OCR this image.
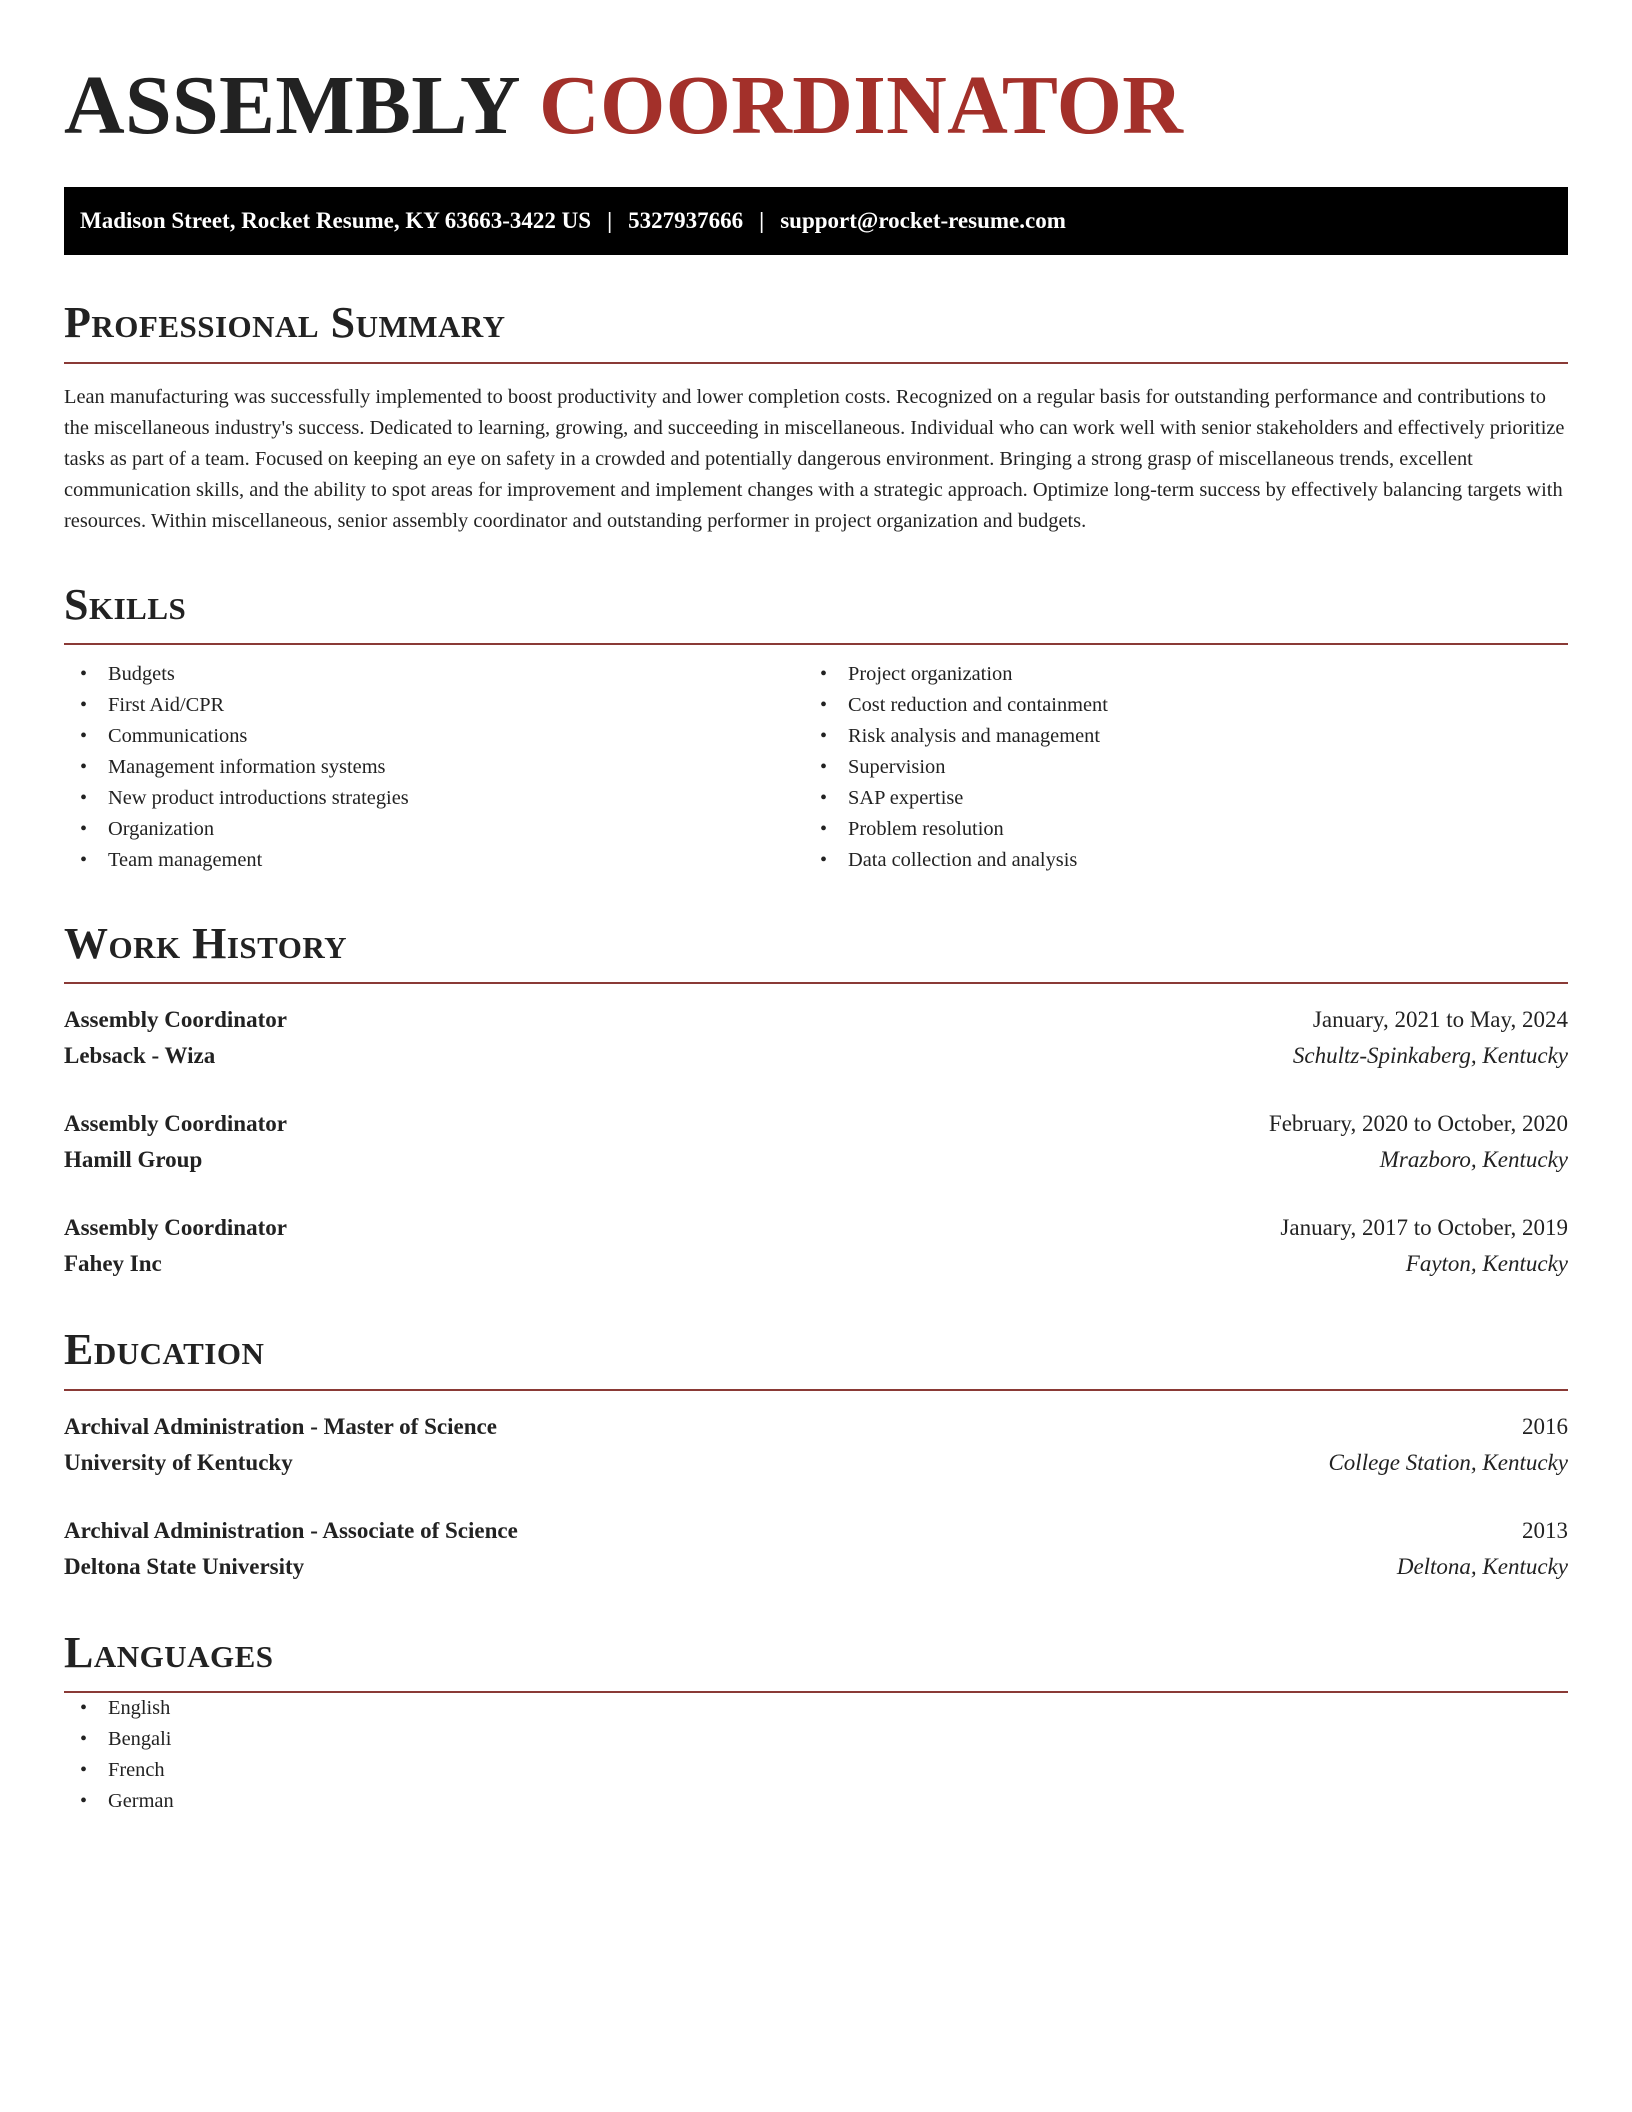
ASSEMBLY COORDINATOR
Madison Street, Rocket Resume, KY 63663-3422 US | 5327937666 | support@rocket-resume.com
Professional Summary

Lean manufacturing was successfully implemented to boost productivity and lower completion costs. Recognized on a regular basis for outstanding performance and contributions to the miscellaneous industry's success. Dedicated to learning, growing, and succeeding in miscellaneous. Individual who can work well with senior stakeholders and effectively prioritize tasks as part of a team. Focused on keeping an eye on safety in a crowded and potentially dangerous environment. Bringing a strong grasp of miscellaneous trends, excellent communication skills, and the ability to spot areas for improvement and implement changes with a strategic approach. Optimize long-term success by effectively balancing targets with resources. Within miscellaneous, senior assembly coordinator and outstanding performer in project organization and budgets.

Skills
• Budgets
• First Aid/CPR
• Communications
• Management information systems
• New product introductions strategies
• Organization
• Team management
• Project organization
• Cost reduction and containment
• Risk analysis and management
• Supervision
• SAP expertise
• Problem resolution
• Data collection and analysis
Work History
Assembly Coordinator	January, 2021 to May, 2024
Lebsack - Wiza	Schultz-Spinkaberg, Kentucky
Assembly Coordinator	February, 2020 to October, 2020
Hamill Group	Mrazboro, Kentucky
Assembly Coordinator	January, 2017 to October, 2019
Fahey Inc	Fayton, Kentucky
Education
Archival Administration - Master of Science	2016
University of Kentucky	College Station, Kentucky
Archival Administration - Associate of Science	2013
Deltona State University	Deltona, Kentucky
Languages
• English
• Bengali
• French
• German
